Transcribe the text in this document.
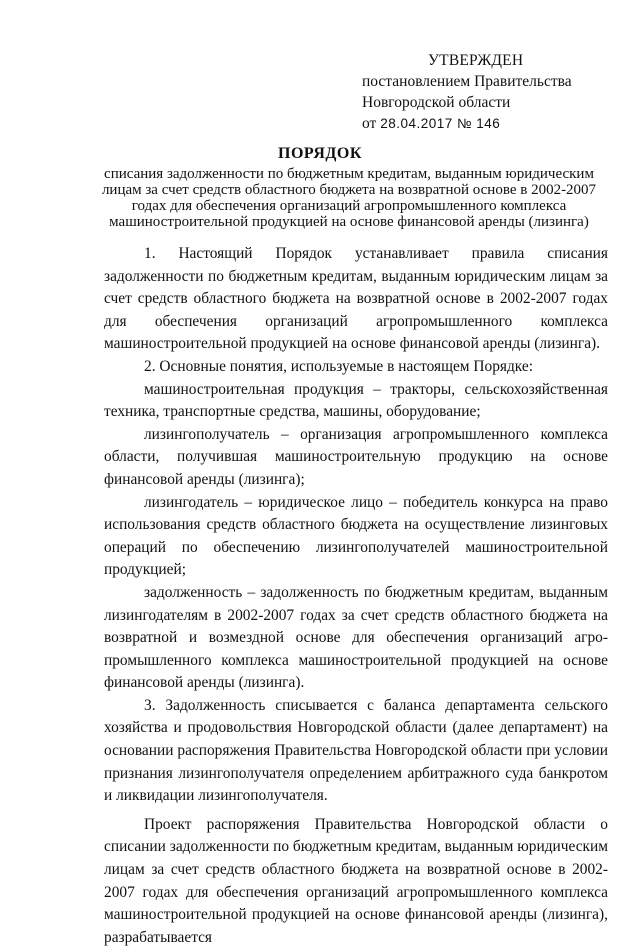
УТВЕРЖДЕН
постановлением Правительства
Новгородской области
от 28.04.2017 № 146
ПОРЯДОК
списания задолженности по бюджетным кредитам, выданным юридическим лицам за счет средств областного бюджета на возвратной основе в 2002-2007 годах для обеспечения организаций агропромышленного комплекса машиностроительной продукцией на основе финансовой аренды (лизинга)

1. Настоящий Порядок устанавливает правила списания задолженности по бюджетным кредитам, выданным юридическим лицам за счет средств областного бюджета на возвратной основе в 2002-2007 годах для обеспечения организаций агропромышленного комплекса машиностроительной продукцией на основе финансовой аренды (лизинга).

2. Основные понятия, используемые в настоящем Порядке:

машиностроительная продукция – тракторы, сельскохозяйственная техника, транспортные средства, машины, оборудование;

лизингополучатель – организация агропромышленного комплекса области, получившая машиностроительную продукцию на основе финансовой аренды (лизинга);

лизингодатель – юридическое лицо – победитель конкурса на право использования средств областного бюджета на осуществление лизинговых операций по обеспечению лизингополучателей машиностроительной продукцией;

задолженность – задолженность по бюджетным кредитам, выданным лизингодателям в 2002-2007 годах за счет средств областного бюджета на возвратной и возмездной основе для обеспечения организаций агро-промышленного комплекса машиностроительной продукцией на основе финансовой аренды (лизинга).

3. Задолженность списывается с баланса департамента сельского хозяйства и продовольствия Новгородской области (далее департамент) на основании распоряжения Правительства Новгородской области при условии признания лизингополучателя определением арбитражного суда банкротом и ликвидации лизингополучателя.

Проект распоряжения Правительства Новгородской области о списании задолженности по бюджетным кредитам, выданным юридическим лицам за счет средств областного бюджета на возвратной основе в 2002-2007 годах для обеспечения организаций агропромышленного комплекса машиностроительной продукцией на основе финансовой аренды (лизинга), разрабатывается
